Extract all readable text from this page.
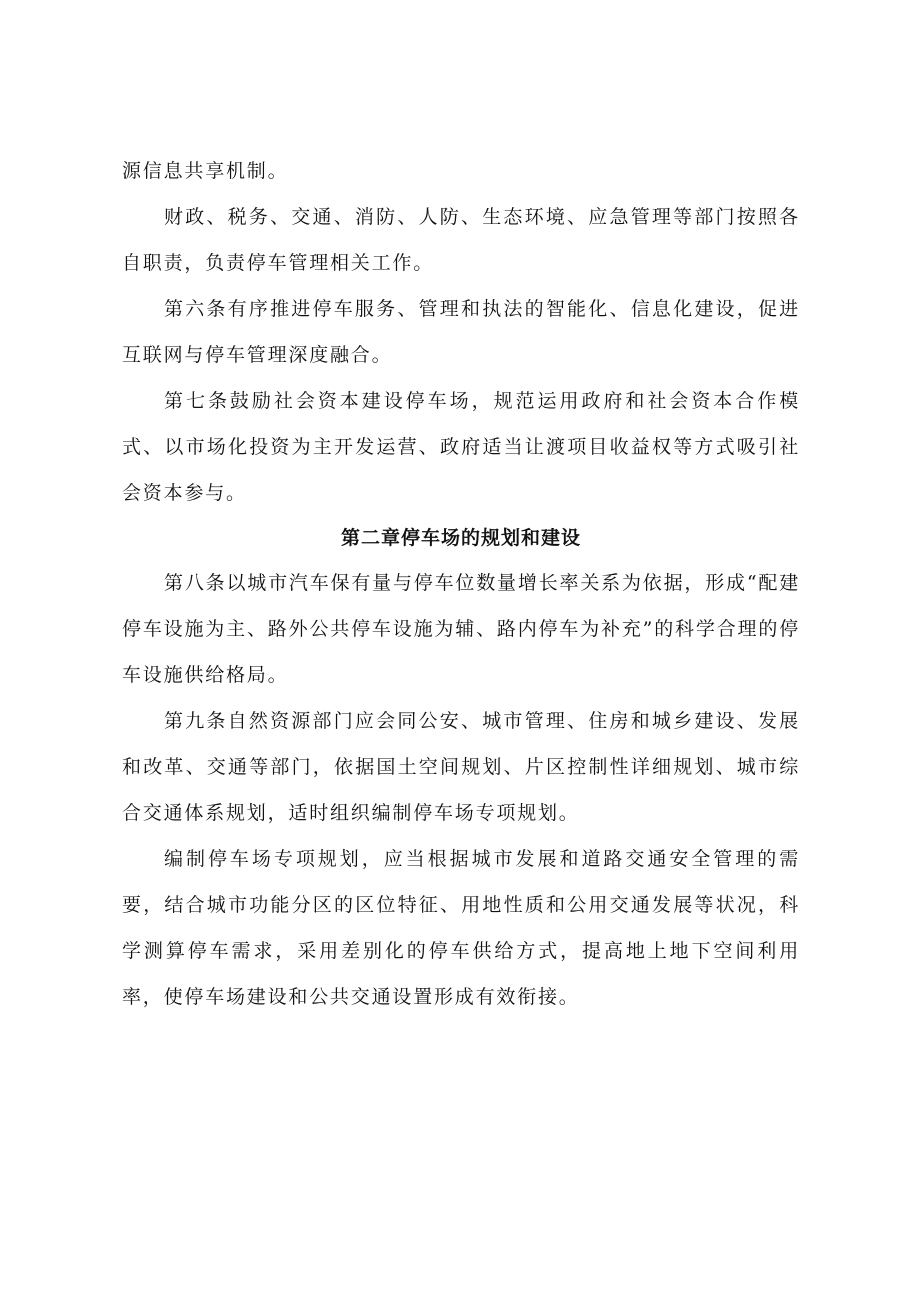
源信息共享机制。

财政、税务、交通、消防、人防、生态环境、应急管理等部门按照各自职责，负责停车管理相关工作。

第六条有序推进停车服务、管理和执法的智能化、信息化建设，促进互联网与停车管理深度融合。

第七条鼓励社会资本建设停车场，规范运用政府和社会资本合作模式、以市场化投资为主开发运营、政府适当让渡项目收益权等方式吸引社会资本参与。

第二章停车场的规划和建设

第八条以城市汽车保有量与停车位数量增长率关系为依据，形成“配建停车设施为主、路外公共停车设施为辅、路内停车为补充”的科学合理的停车设施供给格局。

第九条自然资源部门应会同公安、城市管理、住房和城乡建设、发展和改革、交通等部门，依据国土空间规划、片区控制性详细规划、城市综合交通体系规划，适时组织编制停车场专项规划。

编制停车场专项规划，应当根据城市发展和道路交通安全管理的需要，结合城市功能分区的区位特征、用地性质和公用交通发展等状况，科学测算停车需求，采用差别化的停车供给方式，提高地上地下空间利用率，使停车场建设和公共交通设置形成有效衔接。
